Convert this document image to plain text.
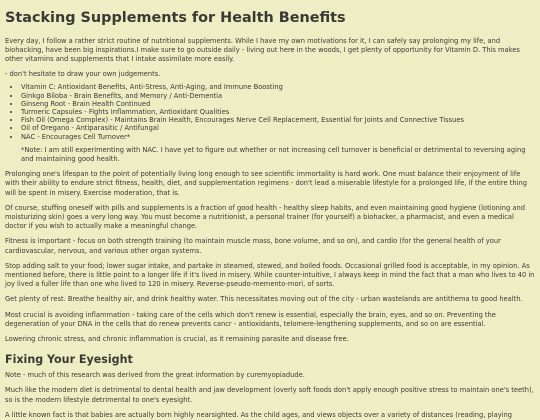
Stacking Supplements for Health Benefits

Every day, I follow a rather strict routine of nutritional supplements. While I have my own motivations for it, I can safely say prolonging my life, and biohacking, have been big inspirations.I make sure to go outside daily - living out here in the woods, I get plenty of opportunity for Vitamin D. This makes other vitamins and supplements that I intake assimilate more easily.

- don't hesitate to draw your own judgements.

• Vitamin C: Antioxidant Benefits, Anti-Stress, Anti-Aging, and Immune Boosting
• Ginkgo Biloba - Brain Benefits, and Memory / Anti-Dementia
• Ginseng Root - Brain Health Continued
• Turmeric Capsules - Fights Inflammation, Antioxidant Qualities
• Fish Oil (Omega Complex) - Maintains Brain Health, Encourages Nerve Cell Replacement, Essential for Joints and Connective Tissues
• Oil of Oregano - Antiparasitic / Antifungal
• NAC - Encourages Cell Turnover*

*Note: I am still experimenting with NAC. I have yet to figure out whether or not increasing cell turnover is beneficial or detrimental to reversing aging and maintaining good health.

Prolonging one's lifespan to the point of potentially living long enough to see scientific immortality is hard work. One must balance their enjoyment of life with their ability to endure strict fitness, health, diet, and supplementation regimens - don't lead a miserable lifestyle for a prolonged life, if the entire thing will be spent in misery. Exercise moderation, that is.

Of course, stuffing oneself with pills and supplements is a fraction of good health - healthy sleep habits, and even maintaining good hygiene (lotioning and moisturizing skin) goes a very long way. You must become a nutritionist, a personal trainer (for yourself) a biohacker, a pharmacist, and even a medical doctor if you wish to actually make a meaningful change.

Fitness is important - focus on both strength training (to maintain muscle mass, bone volume, and so on), and cardio (for the general health of your cardiovascular, nervous, and various other organ systems.

Stop adding salt to your food; lower sugar intake, and partake in steamed, stewed, and boiled foods. Occasional grilled food is acceptable, in my opinion. As mentioned before, there is little point to a longer life if it's lived in misery. While counter-intuitive, I always keep in mind the fact that a man who lives to 40 in joy lived a fuller life than one who lived to 120 in misery. Reverse-pseudo-memento-mori, of sorts.

Get plenty of rest. Breathe healthy air, and drink healthy water. This necessitates moving out of the city - urban wastelands are antithema to good health.

Most crucial is avoiding inflammation - taking care of the cells which don't renew is essential, especially the brain, eyes, and so on. Preventing the degeneration of your DNA in the cells that do renew prevents cancr - antioxidants, telomere-lengthening supplements, and so on are essential.

Lowering chronic stress, and chronic inflammation is crucial, as it remaining parasite and disease free.

Fixing Your Eyesight

Note - much of this research was derived from the great information by curemyopiadude.

Much like the modern diet is detrimental to dental health and jaw development (overly soft foods don't apply enough positive stress to maintain one's teeth), so is the modern lifestyle detrimental to one's eyesight.

A little known fact is that babies are actually born highly nearsighted. As the child ages, and views objects over a variety of distances (reading, playing
